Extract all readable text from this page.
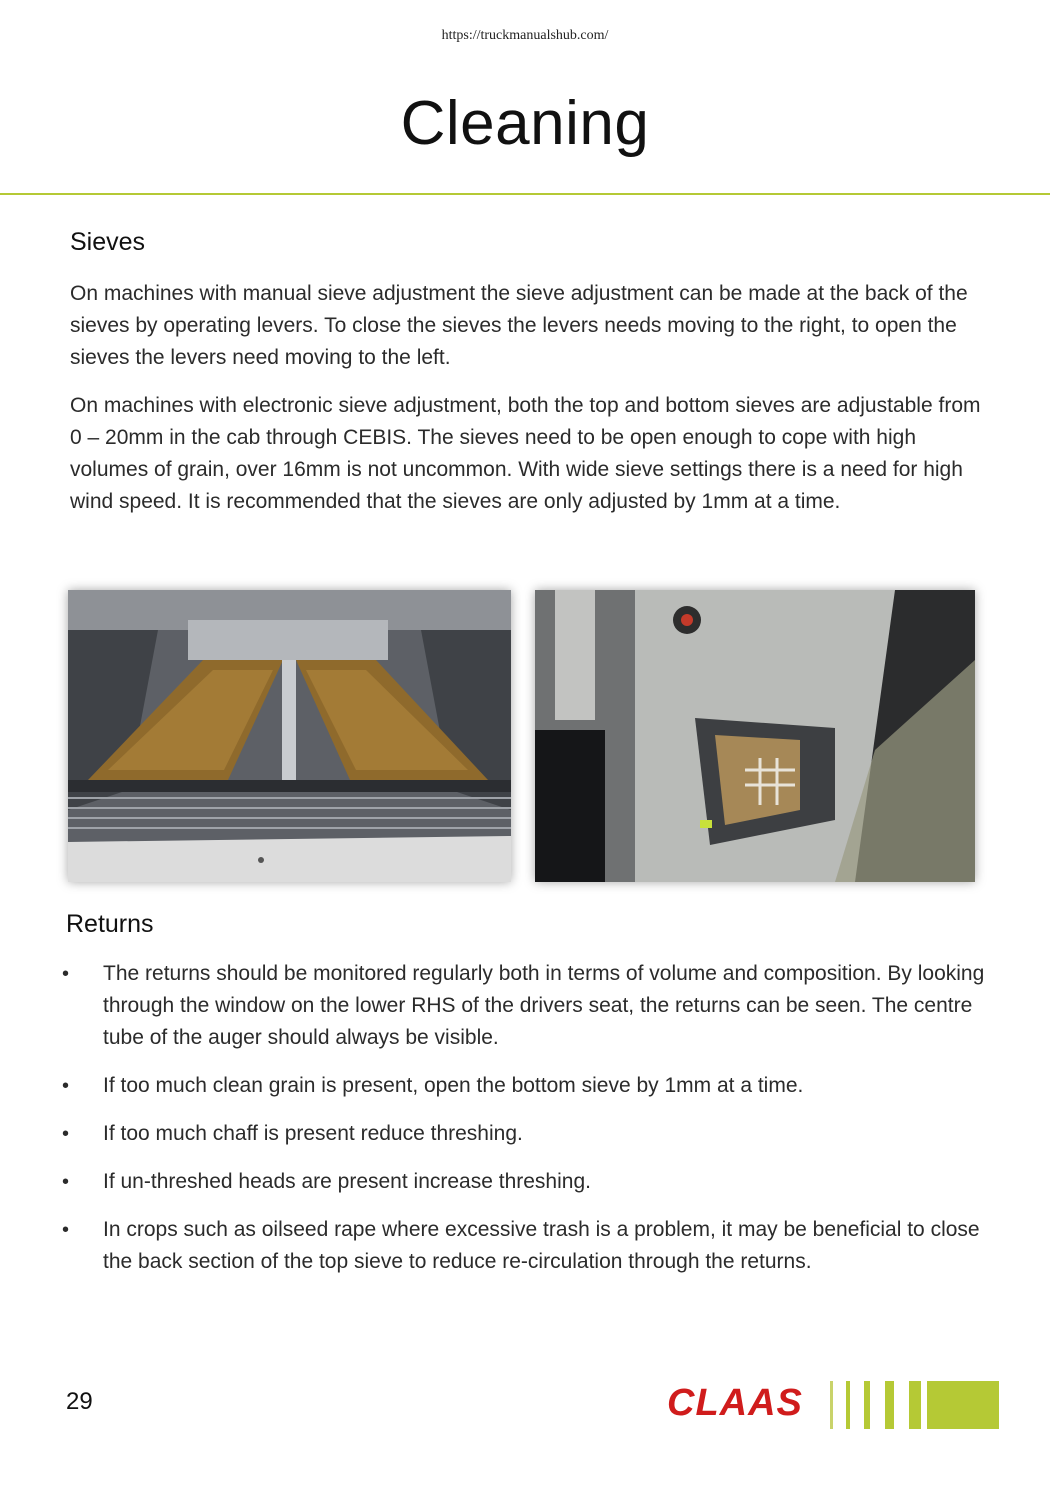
https://truckmanualshub.com/
Cleaning
Sieves

On machines with manual sieve adjustment the sieve adjustment can be made at the back of the sieves by operating levers. To close the sieves the levers needs moving to the right, to open the sieves the levers need moving to the left.

On machines with electronic sieve adjustment, both the top and bottom sieves are adjustable from 0 – 20mm in the cab through CEBIS. The sieves need to be open enough to cope with high volumes of grain, over 16mm is not uncommon. With wide sieve settings there is a need for high wind speed. It is recommended that the sieves are only adjusted by 1mm at a time.

Returns
• The returns should be monitored regularly both in terms of volume and composition. By looking through the window on the lower RHS of the drivers seat, the returns can be seen. The centre tube of the auger should always be visible.
• If too much clean grain is present, open the bottom sieve by 1mm at a time.
• If too much chaff is present reduce threshing.
• If un-threshed heads are present increase threshing.
• In crops such as oilseed rape where excessive trash is a problem, it may be beneficial to close the back section of the top sieve to reduce re-circulation through the returns.
29	CLAAS
